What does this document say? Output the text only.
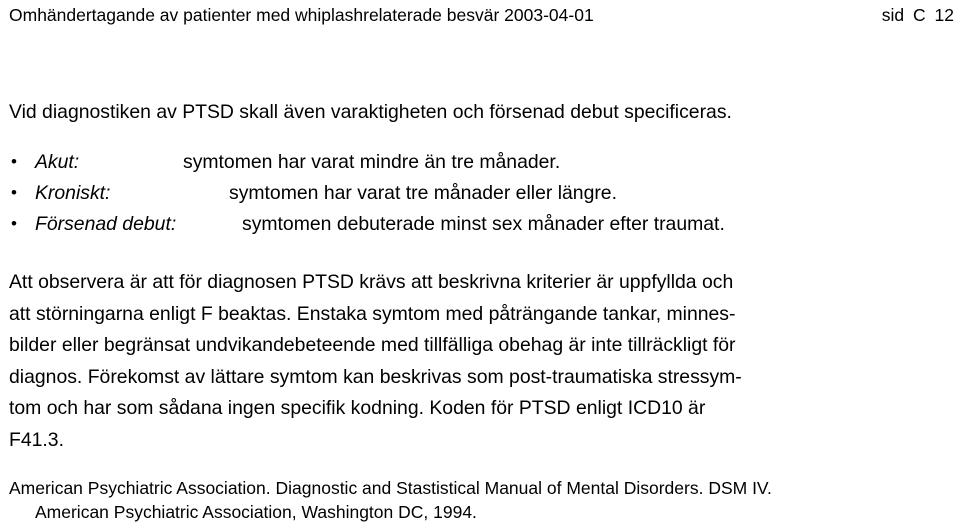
Omhändertagande av patienter med whiplashrelaterade besvär 2003-04-01	sid C 12
Vid diagnostiken av PTSD skall även varaktigheten och försenad debut specificeras.
• Akut:	symtomen har varat mindre än tre månader.
• Kroniskt:	symtomen har varat tre månader eller längre.
• Försenad debut:	symtomen debuterade minst sex månader efter traumat.
Att observera är att för diagnosen PTSD krävs att beskrivna kriterier är uppfyllda och
att störningarna enligt F beaktas. Enstaka symtom med påträngande tankar, minnes-
bilder eller begränsat undvikandebeteende med tillfälliga obehag är inte tillräckligt för
diagnos. Förekomst av lättare symtom kan beskrivas som post-traumatiska stressym-
tom och har som sådana ingen specifik kodning. Koden för PTSD enligt ICD10 är
F41.3.
American Psychiatric Association. Diagnostic and Stastistical Manual of Mental Disorders. DSM IV.
American Psychiatric Association, Washington DC, 1994.
